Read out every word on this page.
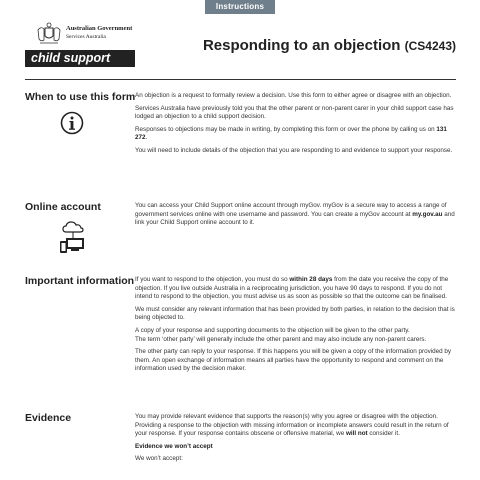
Instructions
Australian Government
Services Australia
child support
Responding to an objection (CS4243)
When to use this form An objection is a request to formally review a decision. Use this form to either agree or disagree with an objection.

Services Australia have previously told you that the other parent or non-parent carer in your child support case has lodged an objection to a child support decision.

Responses to objections may be made in writing, by completing this form or over the phone by calling us on 131 272.

You will need to include details of the objection that you are responding to and evidence to support your response.

Online account	You can access your Child Support online account through myGov. myGov is a secure way to access a range of government services online with one username and password. You can create a myGov account at my.gov.au and link your Child Support online account to it.

Important information If you want to respond to the objection, you must do so within 28 days from the date you receive the copy of the objection. If you live outside Australia in a reciprocating jurisdiction, you have 90 days to respond. If you do not intend to respond to the objection, you must advise us as soon as possible so that the outcome can be finalised.

We must consider any relevant information that has been provided by both parties, in relation to the decision that is being objected to.

A copy of your response and supporting documents to the objection will be given to the other party.
The term ‘other party’ will generally include the other parent and may also include any non-parent carers.

The other party can reply to your response. If this happens you will be given a copy of the information provided by them. An open exchange of information means all parties have the opportunity to respond and comment on the information used by the decision maker.

Evidence	You may provide relevant evidence that supports the reason(s) why you agree or disagree with the objection. Providing a response to the objection with missing information or incomplete answers could result in the return of your response. If your response contains obscene or offensive material, we will not consider it.

Evidence we won’t accept

We won’t accept:
